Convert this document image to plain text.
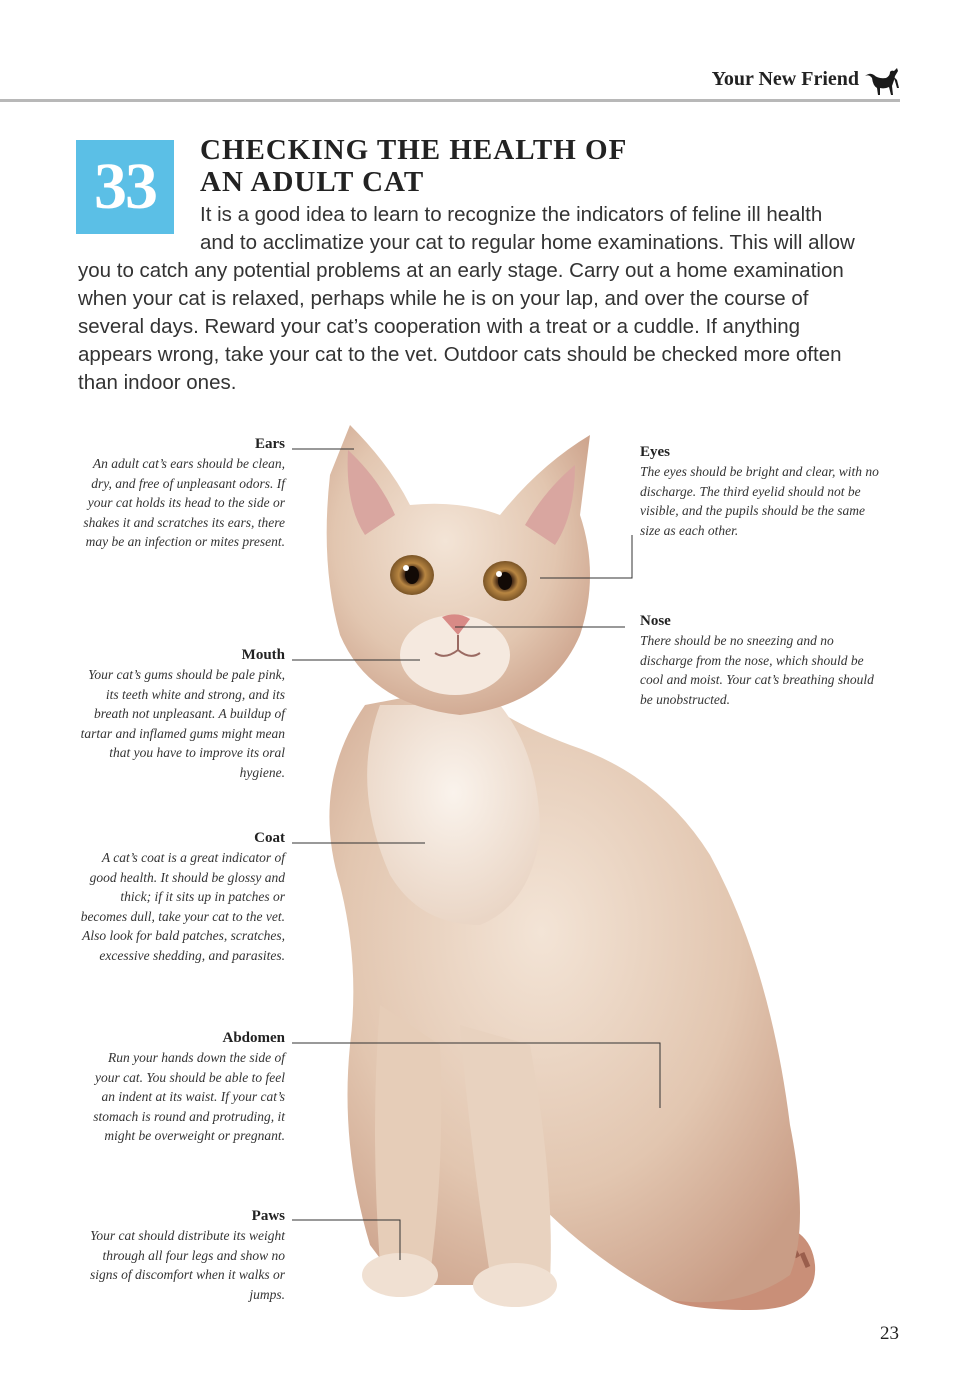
Your New Friend
33	CHECKING THE HEALTH OF
AN ADULT CAT

It is a good idea to learn to recognize the indicators of feline ill health and to acclimatize your cat to regular home examinations. This will allow you to catch any potential problems at an early stage. Carry out a home examination when your cat is relaxed, perhaps while he is on your lap, and over the course of several days. Reward your cat’s cooperation with a treat or a cuddle. If anything appears wrong, take your cat to the vet. Outdoor cats should be checked more often than indoor ones.

Ears
An adult cat’s ears should be clean, dry, and free of unpleasant odors. If your cat holds its head to the side or shakes it and scratches its ears, there may be an infection or mites present.
Mouth
Your cat’s gums should be pale pink, its teeth white and strong, and its breath not unpleasant. A buildup of tartar and inflamed gums might mean that you have to improve its oral hygiene.
Coat
A cat’s coat is a great indicator of good health. It should be glossy and thick; if it sits up in patches or becomes dull, take your cat to the vet. Also look for bald patches, scratches, excessive shedding, and parasites.
Abdomen
Run your hands down the side of your cat. You should be able to feel an indent at its waist. If your cat’s stomach is round and protruding, it might be overweight or pregnant.
Paws
Your cat should distribute its weight through all four legs and show no signs of discomfort when it walks or jumps.
Eyes
The eyes should be bright and clear, with no discharge. The third eyelid should not be visible, and the pupils should be the same size as each other.
Nose
There should be no sneezing and no discharge from the nose, which should be cool and moist. Your cat’s breathing should be unobstructed.
23
